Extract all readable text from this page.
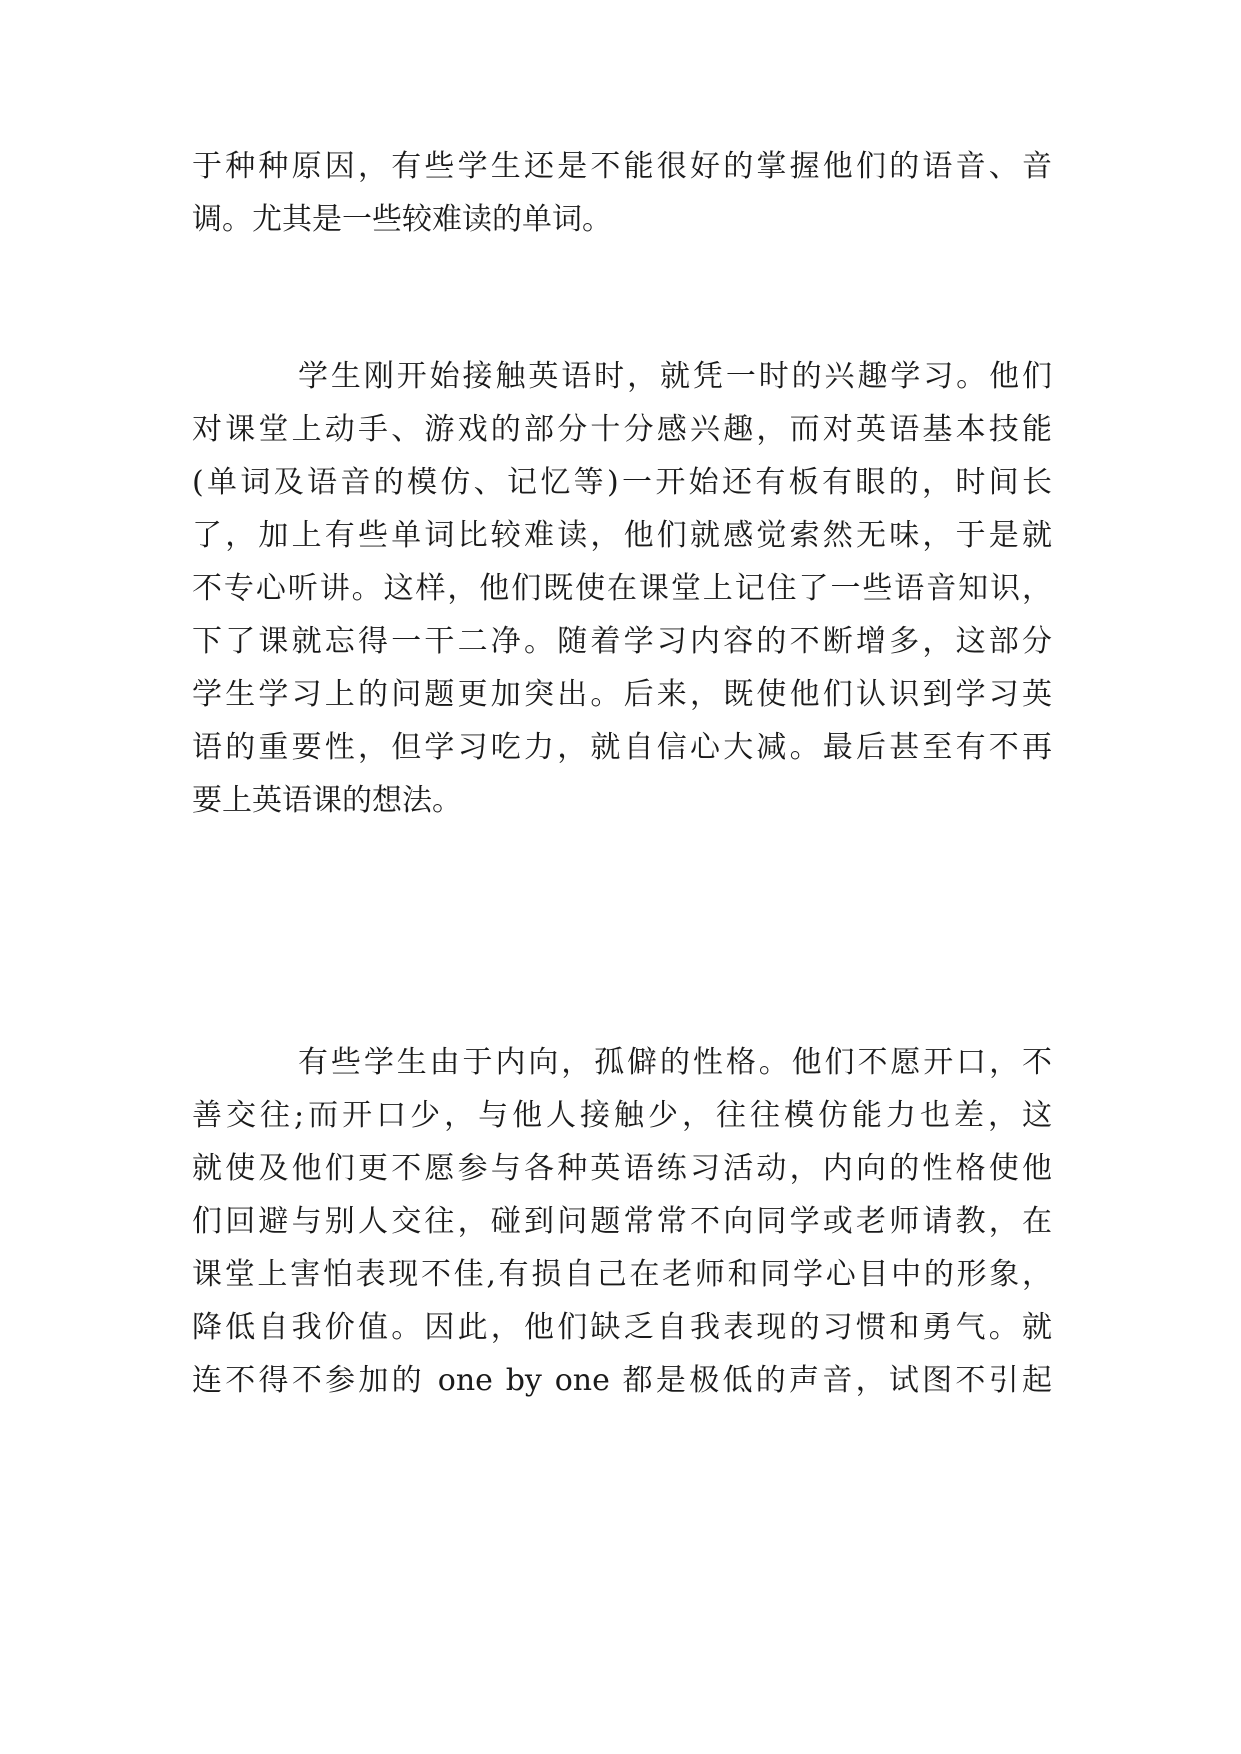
于种种原因，有些学生还是不能很好的掌握他们的语音、音
调。尤其是一些较难读的单词。
学生刚开始接触英语时，就凭一时的兴趣学习。他们
对课堂上动手、游戏的部分十分感兴趣，而对英语基本技能
(单词及语音的模仿、记忆等)一开始还有板有眼的，时间长
了，加上有些单词比较难读，他们就感觉索然无味，于是就
不专心听讲。这样，他们既使在课堂上记住了一些语音知识，
下了课就忘得一干二净。随着学习内容的不断增多，这部分
学生学习上的问题更加突出。后来，既使他们认识到学习英
语的重要性，但学习吃力，就自信心大减。最后甚至有不再
要上英语课的想法。
有些学生由于内向，孤僻的性格。他们不愿开口，不
善交往;而开口少，与他人接触少，往往模仿能力也差，这
就使及他们更不愿参与各种英语练习活动，内向的性格使他
们回避与别人交往，碰到问题常常不向同学或老师请教，在
课堂上害怕表现不佳,有损自己在老师和同学心目中的形象，
降低自我价值。因此，他们缺乏自我表现的习惯和勇气。就
连不得不参加的 one by one 都是极低的声音，试图不引起
